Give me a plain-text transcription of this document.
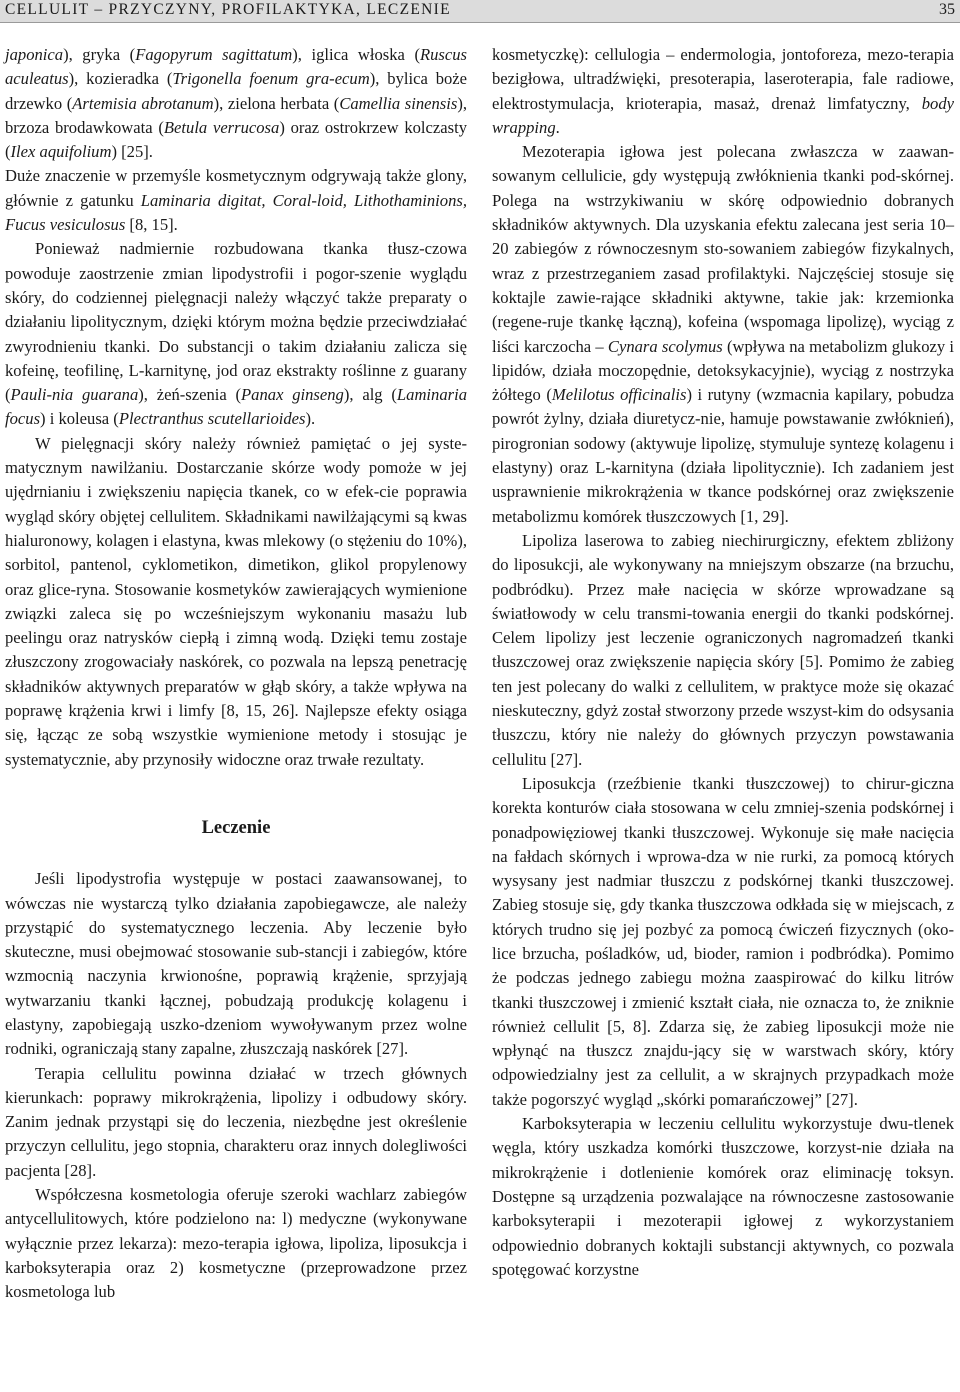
CELLULIT – PRZYCZYNY, PROFILAKTYKA, LECZENIE	35

japonica), gryka (Fagopyrum sagittatum), iglica włoska (Ruscus aculeatus), kozieradka (Trigonella foenum gra-ecum), bylica boże drzewko (Artemisia abrotanum), zielona herbata (Camellia sinensis), brzoza brodawkowata (Betula verrucosa) oraz ostrokrzew kolczasty (Ilex aquifolium) [25].

Duże znaczenie w przemyśle kosmetycznym odgrywają także glony, głównie z gatunku Laminaria digitat, Coral-loid, Lithothaminions, Fucus vesiculosus [8, 15].

Ponieważ nadmiernie rozbudowana tkanka tłusz-czowa powoduje zaostrzenie zmian lipodystrofii i pogor-szenie wyglądu skóry, do codziennej pielęgnacji należy włączyć także preparaty o działaniu lipolitycznym, dzięki którym można będzie przeciwdziałać zwyrodnieniu tkanki. Do substancji o takim działaniu zalicza się kofeinę, teofilinę, L-karnitynę, jod oraz ekstrakty roślinne z guarany (Pauli-nia guarana), żeń-szenia (Panax ginseng), alg (Laminaria focus) i koleusa (Plectranthus scutellarioides).

W pielęgnacji skóry należy również pamiętać o jej syste-matycznym nawilżaniu. Dostarczanie skórze wody pomoże w jej ujędrnianiu i zwiększeniu napięcia tkanek, co w efek-cie poprawia wygląd skóry objętej cellulitem. Składnikami nawilżającymi są kwas hialuronowy, kolagen i elastyna, kwas mlekowy (o stężeniu do 10%), sorbitol, pantenol, cyklometikon, dimetikon, glikol propylenowy oraz glice-ryna. Stosowanie kosmetyków zawierających wymienione związki zaleca się po wcześniejszym wykonaniu masażu lub peelingu oraz natrysków ciepłą i zimną wodą. Dzięki temu zostaje złuszczony zrogowaciały naskórek, co pozwala na lepszą penetrację składników aktywnych preparatów w głąb skóry, a także wpływa na poprawę krążenia krwi i limfy [8, 15, 26]. Najlepsze efekty osiąga się, łącząc ze sobą wszystkie wymienione metody i stosując je systematycznie, aby przynosiły widoczne oraz trwałe rezultaty.

Leczenie

Jeśli lipodystrofia występuje w postaci zaawansowanej, to wówczas nie wystarczą tylko działania zapobiegawcze, ale należy przystąpić do systematycznego leczenia. Aby leczenie było skuteczne, musi obejmować stosowanie sub-stancji i zabiegów, które wzmocnią naczynia krwionośne, poprawią krążenie, sprzyjają wytwarzaniu tkanki łącznej, pobudzają produkcję kolagenu i elastyny, zapobiegają uszko-dzeniom wywoływanym przez wolne rodniki, ograniczają stany zapalne, złuszczają naskórek [27].

Terapia cellulitu powinna działać w trzech głównych kierunkach: poprawy mikrokrążenia, lipolizy i odbudowy skóry. Zanim jednak przystąpi się do leczenia, niezbędne jest określenie przyczyn cellulitu, jego stopnia, charakteru oraz innych dolegliwości pacjenta [28].

Współczesna kosmetologia oferuje szeroki wachlarz zabiegów antycellulitowych, które podzielono na: l) medyczne (wykonywane wyłącznie przez lekarza): mezo-terapia igłowa, lipoliza, liposukcja i karboksyterapia oraz 2) kosmetyczne (przeprowadzone przez kosmetologa lub

kosmetyczkę): cellulogia – endermologia, jontoforeza, mezo-terapia bezigłowa, ultradźwięki, presoterapia, laseroterapia, fale radiowe, elektrostymulacja, krioterapia, masaż, drenaż limfatyczny, body wrapping.

Mezoterapia igłowa jest polecana zwłaszcza w zaawan-sowanym cellulicie, gdy występują zwłóknienia tkanki pod-skórnej. Polega na wstrzykiwaniu w skórę odpowiednio dobranych składników aktywnych. Dla uzyskania efektu zalecana jest seria 10–20 zabiegów z równoczesnym sto-sowaniem zabiegów fizykalnych, wraz z przestrzeganiem zasad profilaktyki. Najczęściej stosuje się koktajle zawie-rające składniki aktywne, takie jak: krzemionka (regene-ruje tkankę łączną), kofeina (wspomaga lipolizę), wyciąg z liści karczocha – Cynara scolymus (wpływa na metabolizm glukozy i lipidów, działa moczopędnie, detoksykacyjnie), wyciąg z nostrzyka żółtego (Melilotus officinalis) i rutyny (wzmacnia kapilary, pobudza powrót żylny, działa diuretycz-nie, hamuje powstawanie zwłóknień), pirogronian sodowy (aktywuje lipolizę, stymuluje syntezę kolagenu i elastyny) oraz L-karnityna (działa lipolitycznie). Ich zadaniem jest usprawnienie mikrokrążenia w tkance podskórnej oraz zwiększenie metabolizmu komórek tłuszczowych [1, 29].

Lipoliza laserowa to zabieg niechirurgiczny, efektem zbliżony do liposukcji, ale wykonywany na mniejszym obszarze (na brzuchu, podbródku). Przez małe nacięcia w skórze wprowadzane są światłowody w celu transmi-towania energii do tkanki podskórnej. Celem lipolizy jest leczenie ograniczonych nagromadzeń tkanki tłuszczowej oraz zwiększenie napięcia skóry [5]. Pomimo że zabieg ten jest polecany do walki z cellulitem, w praktyce może się okazać nieskuteczny, gdyż został stworzony przede wszyst-kim do odsysania tłuszczu, który nie należy do głównych przyczyn powstawania cellulitu [27].

Liposukcja (rzeźbienie tkanki tłuszczowej) to chirur-giczna korekta konturów ciała stosowana w celu zmniej-szenia podskórnej i ponadpowięziowej tkanki tłuszczowej. Wykonuje się małe nacięcia na fałdach skórnych i wprowa-dza w nie rurki, za pomocą których wysysany jest nadmiar tłuszczu z podskórnej tkanki tłuszczowej. Zabieg stosuje się, gdy tkanka tłuszczowa odkłada się w miejscach, z których trudno się jej pozbyć za pomocą ćwiczeń fizycznych (oko-lice brzucha, pośladków, ud, bioder, ramion i podbródka). Pomimo że podczas jednego zabiegu można zaaspirować do kilku litrów tkanki tłuszczowej i zmienić kształt ciała, nie oznacza to, że zniknie również cellulit [5, 8]. Zdarza się, że zabieg liposukcji może nie wpłynąć na tłuszcz znajdu-jący się w warstwach skóry, który odpowiedzialny jest za cellulit, a w skrajnych przypadkach może także pogorszyć wygląd „skórki pomarańczowej” [27].

Karboksyterapia w leczeniu cellulitu wykorzystuje dwu-tlenek węgla, który uszkadza komórki tłuszczowe, korzyst-nie działa na mikrokrążenie i dotlenienie komórek oraz eliminację toksyn. Dostępne są urządzenia pozwalające na równoczesne zastosowanie karboksyterapii i mezoterapii igłowej z wykorzystaniem odpowiednio dobranych koktajli substancji aktywnych, co pozwala spotęgować korzystne
